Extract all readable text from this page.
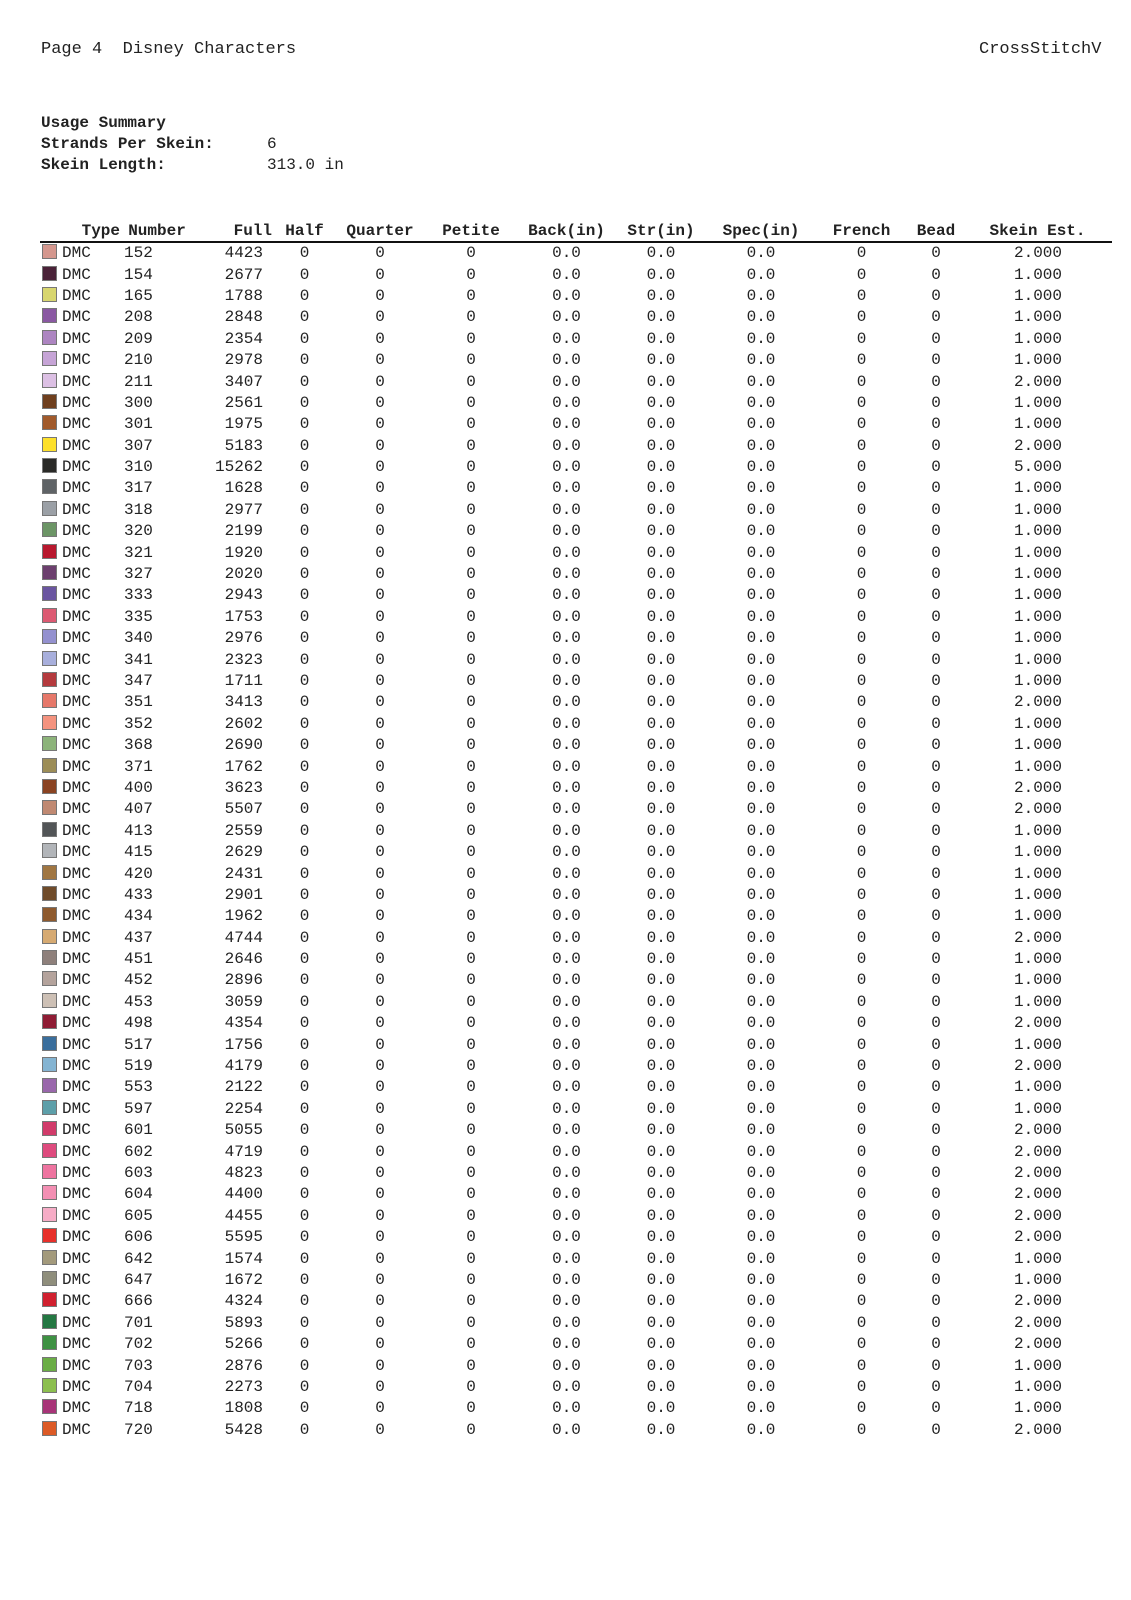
Page 4 Disney Characters	CrossStitchV
Usage Summary
Strands Per Skein:	6
Skein Length:	313.0 in
Type	Number	Full	Half	Quarter	Petite	Back(in)	Str(in)	Spec(in)	French	Bead	Skein Est.
DMC	152	4423	0	0	0	0.0	0.0	0.0	0	0	2.000
DMC	154	2677	0	0	0	0.0	0.0	0.0	0	0	1.000
DMC	165	1788	0	0	0	0.0	0.0	0.0	0	0	1.000
DMC	208	2848	0	0	0	0.0	0.0	0.0	0	0	1.000
DMC	209	2354	0	0	0	0.0	0.0	0.0	0	0	1.000
DMC	210	2978	0	0	0	0.0	0.0	0.0	0	0	1.000
DMC	211	3407	0	0	0	0.0	0.0	0.0	0	0	2.000
DMC	300	2561	0	0	0	0.0	0.0	0.0	0	0	1.000
DMC	301	1975	0	0	0	0.0	0.0	0.0	0	0	1.000
DMC	307	5183	0	0	0	0.0	0.0	0.0	0	0	2.000
DMC	310	15262	0	0	0	0.0	0.0	0.0	0	0	5.000
DMC	317	1628	0	0	0	0.0	0.0	0.0	0	0	1.000
DMC	318	2977	0	0	0	0.0	0.0	0.0	0	0	1.000
DMC	320	2199	0	0	0	0.0	0.0	0.0	0	0	1.000
DMC	321	1920	0	0	0	0.0	0.0	0.0	0	0	1.000
DMC	327	2020	0	0	0	0.0	0.0	0.0	0	0	1.000
DMC	333	2943	0	0	0	0.0	0.0	0.0	0	0	1.000
DMC	335	1753	0	0	0	0.0	0.0	0.0	0	0	1.000
DMC	340	2976	0	0	0	0.0	0.0	0.0	0	0	1.000
DMC	341	2323	0	0	0	0.0	0.0	0.0	0	0	1.000
DMC	347	1711	0	0	0	0.0	0.0	0.0	0	0	1.000
DMC	351	3413	0	0	0	0.0	0.0	0.0	0	0	2.000
DMC	352	2602	0	0	0	0.0	0.0	0.0	0	0	1.000
DMC	368	2690	0	0	0	0.0	0.0	0.0	0	0	1.000
DMC	371	1762	0	0	0	0.0	0.0	0.0	0	0	1.000
DMC	400	3623	0	0	0	0.0	0.0	0.0	0	0	2.000
DMC	407	5507	0	0	0	0.0	0.0	0.0	0	0	2.000
DMC	413	2559	0	0	0	0.0	0.0	0.0	0	0	1.000
DMC	415	2629	0	0	0	0.0	0.0	0.0	0	0	1.000
DMC	420	2431	0	0	0	0.0	0.0	0.0	0	0	1.000
DMC	433	2901	0	0	0	0.0	0.0	0.0	0	0	1.000
DMC	434	1962	0	0	0	0.0	0.0	0.0	0	0	1.000
DMC	437	4744	0	0	0	0.0	0.0	0.0	0	0	2.000
DMC	451	2646	0	0	0	0.0	0.0	0.0	0	0	1.000
DMC	452	2896	0	0	0	0.0	0.0	0.0	0	0	1.000
DMC	453	3059	0	0	0	0.0	0.0	0.0	0	0	1.000
DMC	498	4354	0	0	0	0.0	0.0	0.0	0	0	2.000
DMC	517	1756	0	0	0	0.0	0.0	0.0	0	0	1.000
DMC	519	4179	0	0	0	0.0	0.0	0.0	0	0	2.000
DMC	553	2122	0	0	0	0.0	0.0	0.0	0	0	1.000
DMC	597	2254	0	0	0	0.0	0.0	0.0	0	0	1.000
DMC	601	5055	0	0	0	0.0	0.0	0.0	0	0	2.000
DMC	602	4719	0	0	0	0.0	0.0	0.0	0	0	2.000
DMC	603	4823	0	0	0	0.0	0.0	0.0	0	0	2.000
DMC	604	4400	0	0	0	0.0	0.0	0.0	0	0	2.000
DMC	605	4455	0	0	0	0.0	0.0	0.0	0	0	2.000
DMC	606	5595	0	0	0	0.0	0.0	0.0	0	0	2.000
DMC	642	1574	0	0	0	0.0	0.0	0.0	0	0	1.000
DMC	647	1672	0	0	0	0.0	0.0	0.0	0	0	1.000
DMC	666	4324	0	0	0	0.0	0.0	0.0	0	0	2.000
DMC	701	5893	0	0	0	0.0	0.0	0.0	0	0	2.000
DMC	702	5266	0	0	0	0.0	0.0	0.0	0	0	2.000
DMC	703	2876	0	0	0	0.0	0.0	0.0	0	0	1.000
DMC	704	2273	0	0	0	0.0	0.0	0.0	0	0	1.000
DMC	718	1808	0	0	0	0.0	0.0	0.0	0	0	1.000
DMC	720	5428	0	0	0	0.0	0.0	0.0	0	0	2.000
